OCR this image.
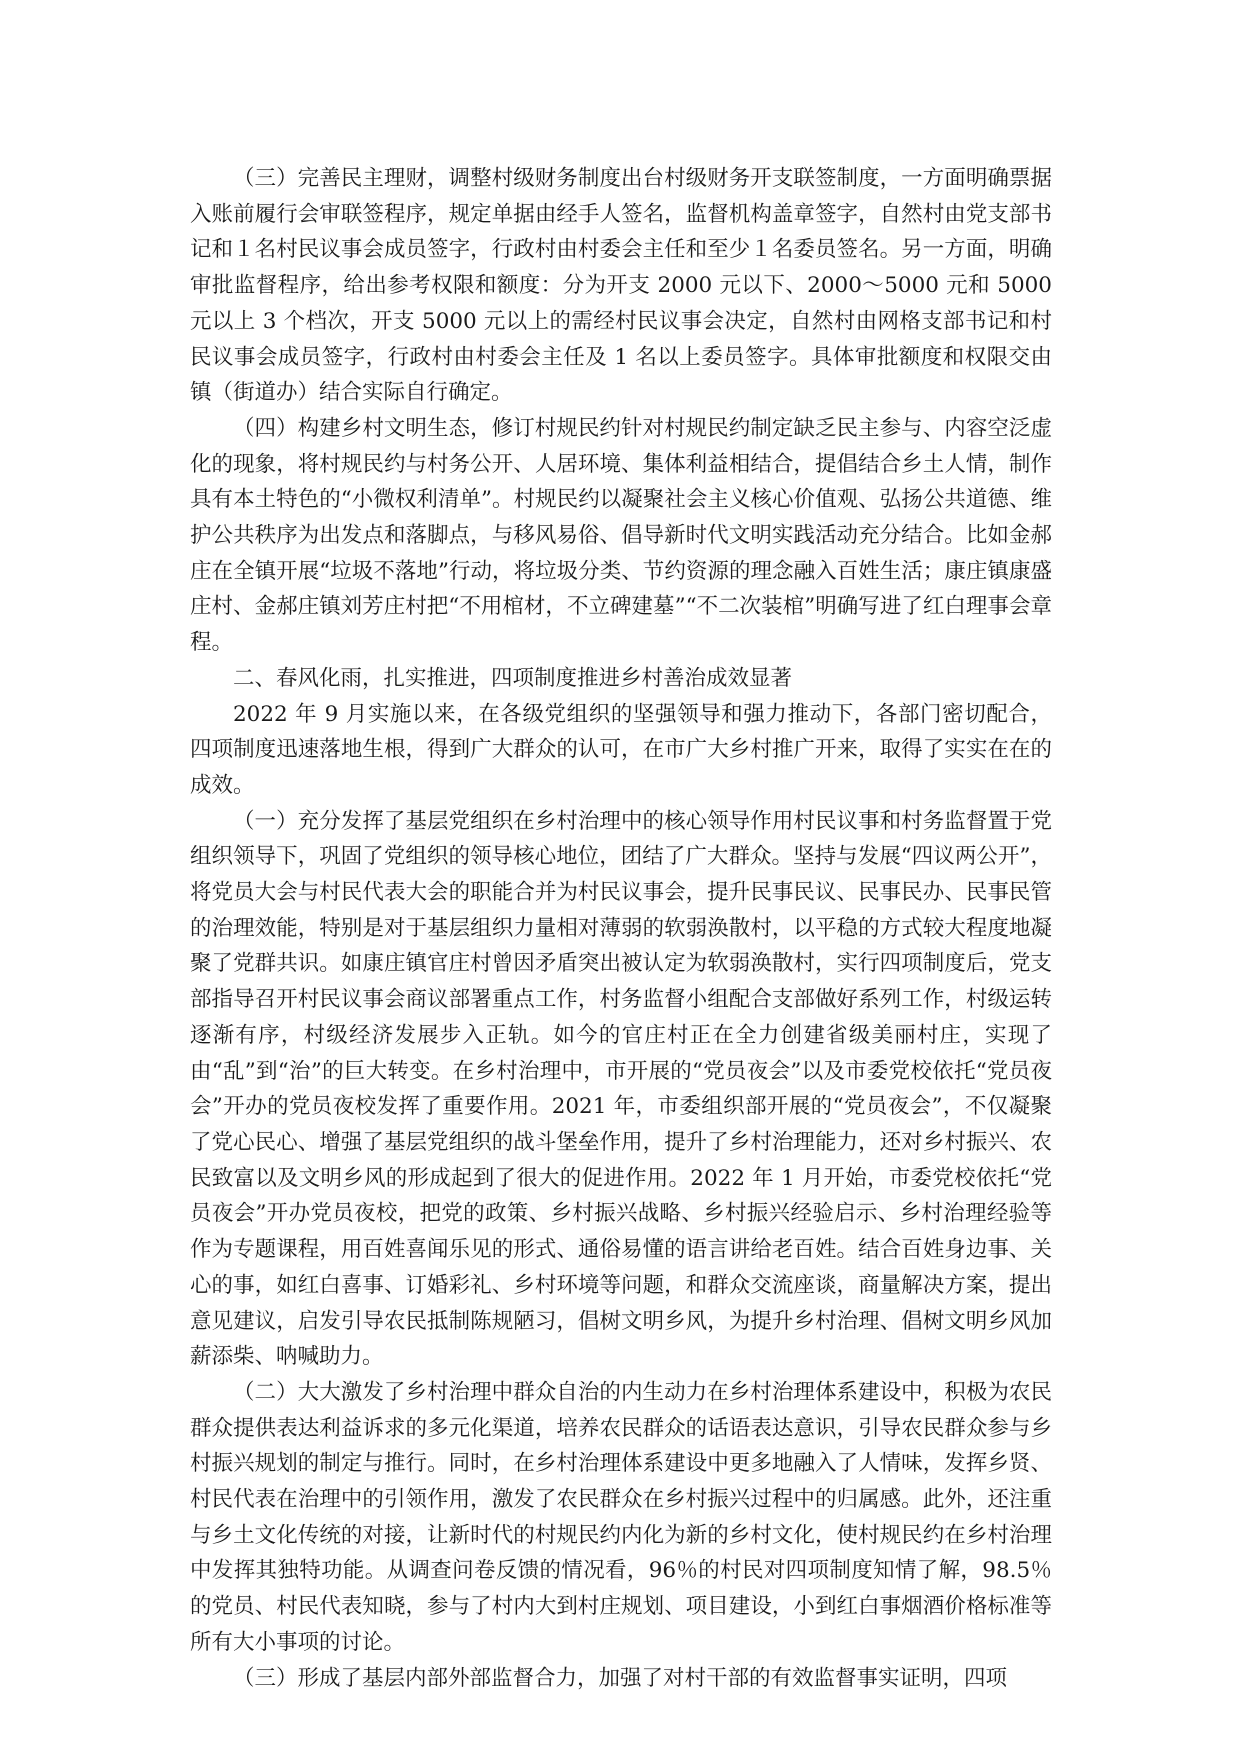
（三）完善民主理财，调整村级财务制度出台村级财务开支联签制度，一方面明确票据入账前履行会审联签程序，规定单据由经手人签名，监督机构盖章签字，自然村由党支部书记和１名村民议事会成员签字，行政村由村委会主任和至少１名委员签名。另一方面，明确审批监督程序，给出参考权限和额度：分为开支 2000 元以下、2000～5000 元和 5000 元以上 3 个档次，开支 5000 元以上的需经村民议事会决定，自然村由网格支部书记和村民议事会成员签字，行政村由村委会主任及 1 名以上委员签字。具体审批额度和权限交由镇（街道办）结合实际自行确定。

（四）构建乡村文明生态，修订村规民约针对村规民约制定缺乏民主参与、内容空泛虚化的现象，将村规民约与村务公开、人居环境、集体利益相结合，提倡结合乡土人情，制作具有本土特色的“小微权利清单”。村规民约以凝聚社会主义核心价值观、弘扬公共道德、维护公共秩序为出发点和落脚点，与移风易俗、倡导新时代文明实践活动充分结合。比如金郝庄在全镇开展“垃圾不落地”行动，将垃圾分类、节约资源的理念融入百姓生活；康庄镇康盛庄村、金郝庄镇刘芳庄村把“不用棺材，不立碑建墓”“不二次装棺”明确写进了红白理事会章程。

二、春风化雨，扎实推进，四项制度推进乡村善治成效显著

2022 年 9 月实施以来，在各级党组织的坚强领导和强力推动下，各部门密切配合，四项制度迅速落地生根，得到广大群众的认可，在市广大乡村推广开来，取得了实实在在的成效。

（一）充分发挥了基层党组织在乡村治理中的核心领导作用村民议事和村务监督置于党组织领导下，巩固了党组织的领导核心地位，团结了广大群众。坚持与发展“四议两公开”，将党员大会与村民代表大会的职能合并为村民议事会，提升民事民议、民事民办、民事民管的治理效能，特别是对于基层组织力量相对薄弱的软弱涣散村，以平稳的方式较大程度地凝聚了党群共识。如康庄镇官庄村曾因矛盾突出被认定为软弱涣散村，实行四项制度后，党支部指导召开村民议事会商议部署重点工作，村务监督小组配合支部做好系列工作，村级运转逐渐有序，村级经济发展步入正轨。如今的官庄村正在全力创建省级美丽村庄，实现了由“乱”到“治”的巨大转变。在乡村治理中，市开展的“党员夜会”以及市委党校依托“党员夜会”开办的党员夜校发挥了重要作用。2021 年，市委组织部开展的“党员夜会”，不仅凝聚了党心民心、增强了基层党组织的战斗堡垒作用，提升了乡村治理能力，还对乡村振兴、农民致富以及文明乡风的形成起到了很大的促进作用。2022 年 1 月开始，市委党校依托“党员夜会”开办党员夜校，把党的政策、乡村振兴战略、乡村振兴经验启示、乡村治理经验等作为专题课程，用百姓喜闻乐见的形式、通俗易懂的语言讲给老百姓。结合百姓身边事、关心的事，如红白喜事、订婚彩礼、乡村环境等问题，和群众交流座谈，商量解决方案，提出意见建议，启发引导农民抵制陈规陋习，倡树文明乡风，为提升乡村治理、倡树文明乡风加薪添柴、呐喊助力。

（二）大大激发了乡村治理中群众自治的内生动力在乡村治理体系建设中，积极为农民群众提供表达利益诉求的多元化渠道，培养农民群众的话语表达意识，引导农民群众参与乡村振兴规划的制定与推行。同时，在乡村治理体系建设中更多地融入了人情味，发挥乡贤、村民代表在治理中的引领作用，激发了农民群众在乡村振兴过程中的归属感。此外，还注重与乡土文化传统的对接，让新时代的村规民约内化为新的乡村文化，使村规民约在乡村治理中发挥其独特功能。从调查问卷反馈的情况看，96％的村民对四项制度知情了解，98.5％的党员、村民代表知晓，参与了村内大到村庄规划、项目建设，小到红白事烟酒价格标准等所有大小事项的讨论。

（三）形成了基层内部外部监督合力，加强了对村干部的有效监督事实证明，四项
